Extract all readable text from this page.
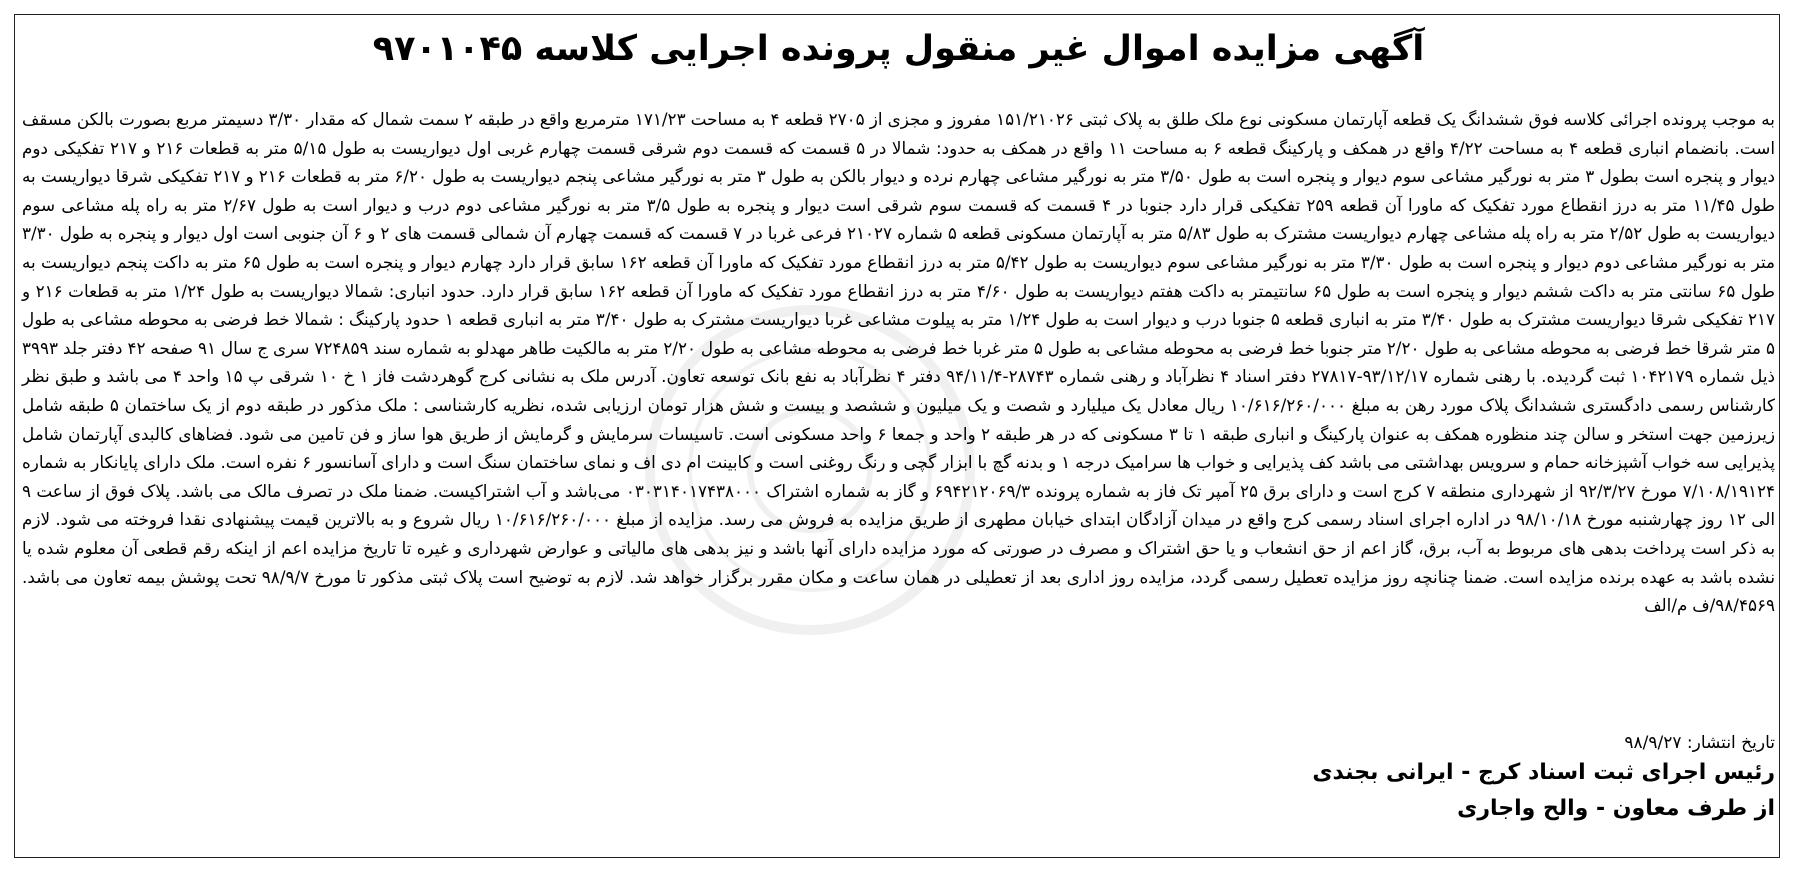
آگهی مزایده اموال غیر منقول پرونده اجرایی کلاسه ۹۷۰۱۰۴۵
به موجب پرونده اجرائی کلاسه فوق ششدانگ یک قطعه آپارتمان مسکونی نوع ملک طلق به پلاک ثبتی ۱۵۱/۲۱۰۲۶ مفروز و مجزی از ۲۷۰۵ قطعه ۴ به مساحت ۱۷۱/۲۳ مترمربع واقع در طبقه ۲ سمت شمال که مقدار ۳/۳۰ دسیمتر مربع بصورت بالکن مسقف است. بانضمام انباری قطعه ۴ به مساحت ۴/۲۲ واقع در همکف و پارکینگ قطعه ۶ به مساحت ۱۱ واقع در همکف به حدود: شمالا در ۵ قسمت که قسمت دوم شرقی قسمت چهارم غربی اول دیواریست به طول ۵/۱۵ متر به قطعات ۲۱۶ و ۲۱۷ تفکیکی دوم دیوار و پنجره است بطول ۳ متر به نورگیر مشاعی سوم دیوار و پنجره است به طول ۳/۵۰ متر به نورگیر مشاعی چهارم نرده و دیوار بالکن به طول ۳ متر به نورگیر مشاعی پنجم دیواریست به طول ۶/۲۰ متر به قطعات ۲۱۶ و ۲۱۷ تفکیکی شرقا دیواریست به طول ۱۱/۴۵ متر به درز انقطاع مورد تفکیک که ماورا آن قطعه ۲۵۹ تفکیکی قرار دارد جنوبا در ۴ قسمت که قسمت سوم شرقی است دیوار و پنجره به طول ۳/۵ متر به نورگیر مشاعی دوم درب و دیوار است به طول ۲/۶۷ متر به راه پله مشاعی سوم دیواریست به طول ۲/۵۲ متر به راه پله مشاعی چهارم دیواریست مشترک به طول ۵/۸۳ متر به آپارتمان مسکونی قطعه ۵ شماره ۲۱۰۲۷ فرعی غربا در ۷ قسمت که قسمت چهارم آن شمالی قسمت های ۲ و ۶ آن جنوبی است اول دیوار و پنجره به طول ۳/۳۰ متر به نورگیر مشاعی دوم دیوار و پنجره است به طول ۳/۳۰ متر به نورگیر مشاعی سوم دیواریست به طول ۵/۴۲ متر به درز انقطاع مورد تفکیک که ماورا آن قطعه ۱۶۲ سابق قرار دارد چهارم دیوار و پنجره است به طول ۶۵ متر به داکت پنجم دیواریست به طول ۶۵ سانتی متر به داکت ششم دیوار و پنجره است به طول ۶۵ سانتیمتر به داکت هفتم دیواریست به طول ۴/۶۰ متر به درز انقطاع مورد تفکیک که ماورا آن قطعه ۱۶۲ سابق قرار دارد. حدود انباری: شمالا دیواریست به طول ۱/۲۴ متر به قطعات ۲۱۶ و ۲۱۷ تفکیکی شرقا دیواریست مشترک به طول ۳/۴۰ متر به انباری قطعه ۵ جنوبا درب و دیوار است به طول ۱/۲۴ متر به پیلوت مشاعی غربا دیواریست مشترک به طول ۳/۴۰ متر به انباری قطعه ۱ حدود پارکینگ : شمالا خط فرضی به محوطه مشاعی به طول ۵ متر شرقا خط فرضی به محوطه مشاعی به طول ۲/۲۰ متر جنوبا خط فرضی به محوطه مشاعی به طول ۵ متر غربا خط فرضی به محوطه مشاعی به طول ۲/۲۰ متر به مالکیت طاهر مهدلو به شماره سند ۷۲۴۸۵۹ سری ج سال ۹۱ صفحه ۴۲ دفتر جلد ۳۹۹۳ ذیل شماره ۱۰۴۲۱۷۹ ثبت گردیده. با رهنی شماره ۹۳/۱۲/۱۷-۲۷۸۱۷ دفتر اسناد ۴ نظرآباد و رهنی شماره ۲۸۷۴۳-۹۴/۱۱/۴ دفتر ۴ نظرآباد به نفع بانک توسعه تعاون. آدرس ملک به نشانی کرج گوهردشت فاز ۱ خ ۱۰ شرقی پ ۱۵ واحد ۴ می باشد و طبق نظر کارشناس رسمی دادگستری ششدانگ پلاک مورد رهن به مبلغ ۱۰/۶۱۶/۲۶۰/۰۰۰ ریال معادل یک میلیارد و شصت و یک میلیون و ششصد و بیست و شش هزار تومان ارزیابی شده، نظریه کارشناسی : ملک مذکور در طبقه دوم از یک ساختمان ۵ طبقه شامل زیرزمین جهت استخر و سالن چند منظوره همکف به عنوان پارکینگ و انباری طبقه ۱ تا ۳ مسکونی که در هر طبقه ۲ واحد و جمعا ۶ واحد مسکونی است. تاسیسات سرمایش و گرمایش از طریق هوا ساز و فن تامین می شود. فضاهای کالبدی آپارتمان شامل پذیرایی سه خواب آشپزخانه حمام و سرویس بهداشتی می باشد کف پذیرایی و خواب ها سرامیک درجه ۱ و بدنه گچ با ابزار گچی و رنگ روغنی است و کابینت ام دی اف و نمای ساختمان سنگ است و دارای آسانسور ۶ نفره است. ملک دارای پایانکار به شماره ۷/۱۰۸/۱۹۱۲۴ مورخ ۹۲/۳/۲۷ از شهرداری منطقه ۷ کرج است و دارای برق ۲۵ آمپر تک فاز به شماره پرونده ۶۹۴۲۱۲۰۶۹/۳ و گاز به شماره اشتراک ۰۳۰۳۱۴۰۱۷۴۳۸۰۰۰ می‌باشد و آب اشتراکیست. ضمنا ملک در تصرف مالک می باشد. پلاک فوق از ساعت ۹ الی ۱۲ روز چهارشنبه مورخ ۹۸/۱۰/۱۸ در اداره اجرای اسناد رسمی کرج واقع در میدان آزادگان ابتدای خیابان مطهری از طریق مزایده به فروش می رسد. مزایده از مبلغ ۱۰/۶۱۶/۲۶۰/۰۰۰ ریال شروع و به بالاترین قیمت پیشنهادی نقدا فروخته می شود. لازم به ذکر است پرداخت بدهی های مربوط به آب، برق، گاز اعم از حق انشعاب و یا حق اشتراک و مصرف در صورتی که مورد مزایده دارای آنها باشد و نیز بدهی های مالیاتی و عوارض شهرداری و غیره تا تاریخ مزایده اعم از اینکه رقم قطعی آن معلوم شده یا نشده باشد به عهده برنده مزایده است. ضمنا چنانچه روز مزایده تعطیل رسمی گردد، مزایده روز اداری بعد از تعطیلی در همان ساعت و مکان مقرر برگزار خواهد شد. لازم به توضیح است پلاک ثبتی مذکور تا مورخ ۹۸/۹/۷ تحت پوشش بیمه تعاون می باشد. ۹۸/۴۵۶۹/ف م/الف
تاریخ انتشار: ۹۸/۹/۲۷
رئیس اجرای ثبت اسناد کرج - ایرانی بجندی
از طرف معاون - والح واجاری
